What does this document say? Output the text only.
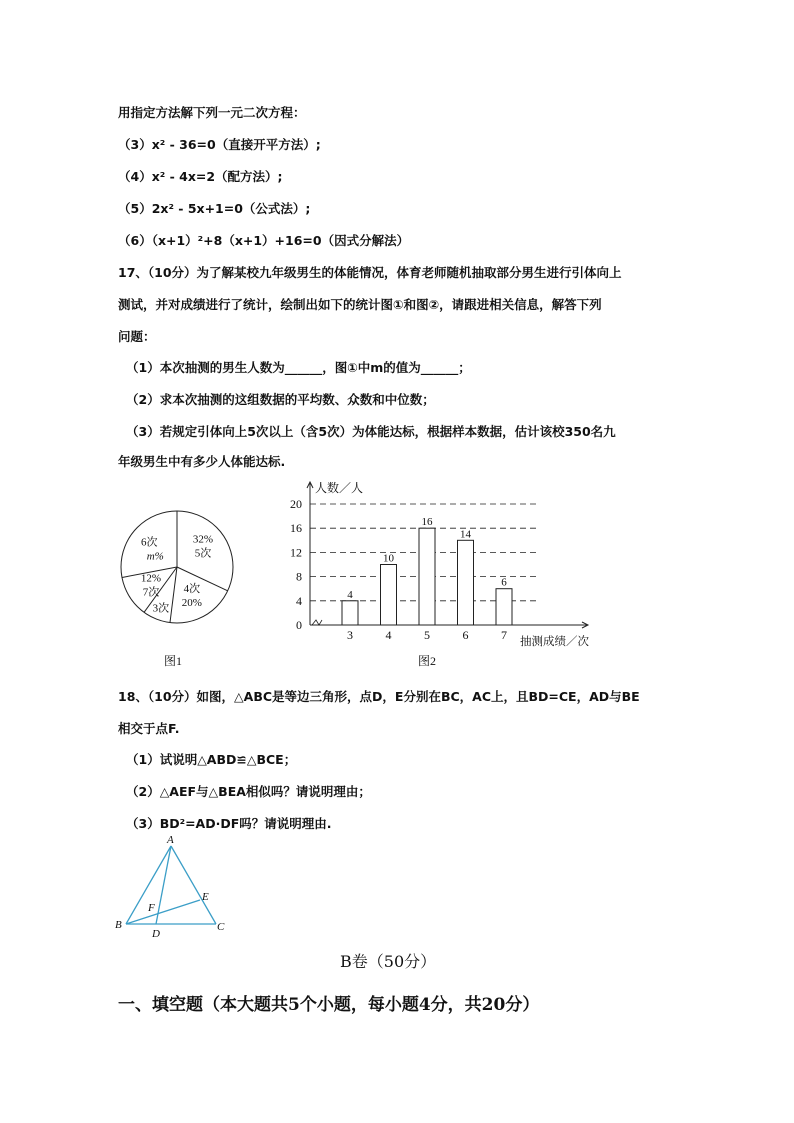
用指定方法解下列一元二次方程：
（3）x² - 36=0（直接开平方法）;
（4）x² - 4x=2（配方法）;
（5）2x² - 5x+1=0（公式法）;
（6）（x+1）²+8（x+1）+16=0（因式分解法）
17、（10分）为了解某校九年级男生的体能情况，体育老师随机抽取部分男生进行引体向上
测试，并对成绩进行了统计，绘制出如下的统计图①和图②，请跟进相关信息，解答下列
问题：
（1）本次抽测的男生人数为______，图①中m的值为______；
（2）求本次抽测的这组数据的平均数、众数和中位数；
（3）若规定引体向上5次以上（含5次）为体能达标，根据样本数据，估计该校350名九
年级男生中有多少人体能达标.
32%
5次
20%
4次
3次
12%
7次
m%
6次
图1
0
4
8
12
16
20
人数／人
抽测成绩／次
4
3
10
4
16
5
14
6
6
7
图2
18、（10分）如图，△ABC是等边三角形，点D，E分别在BC，AC上，且BD=CE，AD与BE
相交于点F.
（1）试说明△ABD≌△BCE；
（2）△AEF与△BEA相似吗？请说明理由；
（3）BD²=AD·DF吗？请说明理由.
A
B	C
D
E
F
B卷（50分）
一、填空题（本大题共5个小题，每小题4分，共20分）
